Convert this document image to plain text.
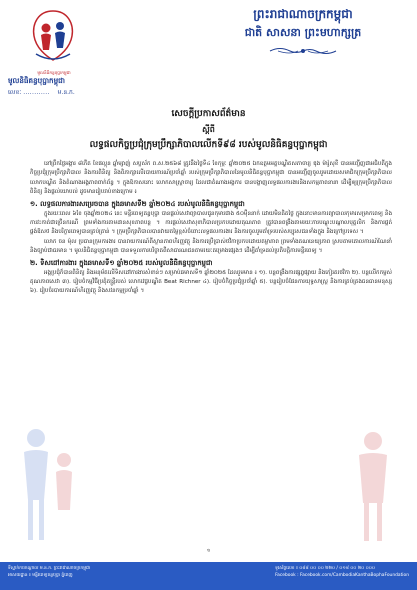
មូលនិធិកន្ធបុប្ផាកម្ពុជា
មូលនិធិគន្ធបុប្ផាកម្ពុជា
លេខៈ ............ ម.ន.ក.
ព្រះរាជាណាចក្រកម្ពុជា
ជាតិ សាសនា ព្រះមហាក្សត្រ
សេចក្តីប្រកាសព័ត៌មាន
ស្តីពី
លទ្ធផលកិច្ចប្រជុំក្រុមប្រឹក្សាភិបាលលើកទី៩៨ របស់មូលនិធិគន្ធបុប្ផាកម្ពុជា

នៅព្រឹកថ្ងៃអង្គារ ៨កើត ខែផល្គុន ឆ្នាំម្សាញ់ សប្តស័ក ព.ស.២៥៦៨ ត្រូវនឹងថ្ងៃទី៤ ខែកុម្ភៈ ឆ្នាំ២០២៥ ឯកឧត្តមអគ្គបណ្ឌិតសភាចារ្យ ឌុង ម៉ារ៉ូសុខី បានអញ្ជើញជាអធិបតីក្នុងកិច្ចប្រជុំក្រុមប្រឹក្សាភិបាល និងការពិនិត្យ និងពិភាក្សាលើរបាយការណ៍ប្រចាំឆ្នាំ របស់ក្រុមប្រឹក្សាភិបាលនៃមូលនិធិគន្ធបុប្ផាកម្ពុជា បានអញ្ជើញចូលរួមដោយសមាជិកក្រុមប្រឹក្សាភិបាល លោកបណ្ឌិត និងតំណាងអង្គភាពពាក់ព័ន្ធ ។ ក្នុងឱកាសនោះ លោកសាស្ត្រាចារ្យ ដែលជាតំណាងអង្គការ បានបង្ហាញលទ្ធផលការងារនិងសកម្មភាពនានា ដើម្បីឲ្យក្រុមប្រឹក្សាភិបាលពិនិត្យ និងផ្តល់យោបល់ ដូចមានរៀបរាប់ខាងក្រោម ៖

១. លទ្ធផលការងារសម្រេចបាន ក្នុងឆមាសទី២ ឆ្នាំ២០២៤ របស់មូលនិធិគន្ធបុប្ផាកម្ពុជា

ក្នុងរយៈពេល ៦ខែ ចុងឆ្នាំ២០២៤ នេះ មន្ទីរពេទ្យគន្ធបុប្ផា បានផ្តល់សេវាព្យាបាលជូនកុមារជាង ៥០ម៉ឺននាក់ ដោយមិនគិតថ្លៃ ក្នុងនោះមានការព្យាបាលកុមារសម្រាកពេទ្យ និងការវះកាត់ជាច្រើនករណី ព្រមទាំងការតាមដានសុខភាពបន្ត ។ ការផ្តល់សេវាសុខាភិបាលប្រកបដោយគុណភាព ត្រូវបានពង្រឹងតាមរយៈការបណ្តុះបណ្តាលបុគ្គលិក និងការផ្គត់ផ្គង់ឱសថ និងបរិក្ខារពេទ្យបានគ្រប់គ្រាន់ ។ ក្រុមប្រឹក្សាភិបាលបានវាយតម្លៃខ្ពស់ចំពោះលទ្ធផលការងារ និងការចូលរួមគាំទ្ររបស់សប្បុរសជនទាំងក្នុង និងក្រៅប្រទេស ។

លោក ចន ម៉ុល ប្រធានក្រុមការងារ បានរាយការណ៍ពីស្ថានភាពហិរញ្ញវត្ថុ និងការប្រើប្រាស់ថវិកាប្រកបដោយតម្លាភាព ព្រមទាំងគណនេយ្យភាព ស្របតាមគោលការណ៍ណែនាំ និងច្បាប់ជាធរមាន ។ មូលនិធិគន្ធបុប្ផាកម្ពុជា បានទទួលការបរិច្ចាគពីសាធារណជនតាមរយៈគម្រោងផ្សេងៗ ដើម្បីគាំទ្រដល់ប្រតិបត្តិការមន្ទីរពេទ្យ ។

២. ទិសដៅការងារ ក្នុងឆមាសទី១ ឆ្នាំ២០២៥ របស់មូលនិធិគន្ធបុប្ផាកម្ពុជា

អង្គប្រជុំក៏បានពិនិត្យ និងអនុម័តលើទិសដៅការងារសំខាន់ៗ សម្រាប់ឆមាសទី១ ឆ្នាំ២០២៥ ដែលរួមមាន ៖ ១). បន្តពង្រឹងការផ្សព្វផ្សាយ និងកៀរគរថវិកា ២). បន្តលើកកម្ពស់គុណភាពសេវា ៣). រៀបចំកម្មវិធីប្រគុំតន្ត្រីរបស់ លោកវេជ្ជបណ្ឌិត Beat Richner ៤). រៀបចំកិច្ចប្រជុំប្រចាំឆ្នាំ ៥). បន្តរៀបចំផែនការយុទ្ធសាស្ត្រ និងការគ្រប់គ្រងធនធានមនុស្ស ៦). រៀបចំរបាយការណ៍ហិរញ្ញវត្ថុ និងសវនកម្មប្រចាំឆ្នាំ ។

១
ទីស្នាក់ការកណ្តាល ម.ន.ក. ព្រះរាជាណាចក្រកម្ពុជា
អាសយដ្ឋាន ៖ មន្ទីរពេទ្យគន្ធបុប្ផា ភ្នំពេញ
ទូរស័ព្ទលេខ ៖ ០៨៨ ០០ ០០ ២២០ / ០១៨ ០០ ២០ ០០០
Facebook : Facebook.com/CambodiaKanthaBophaFoundation
